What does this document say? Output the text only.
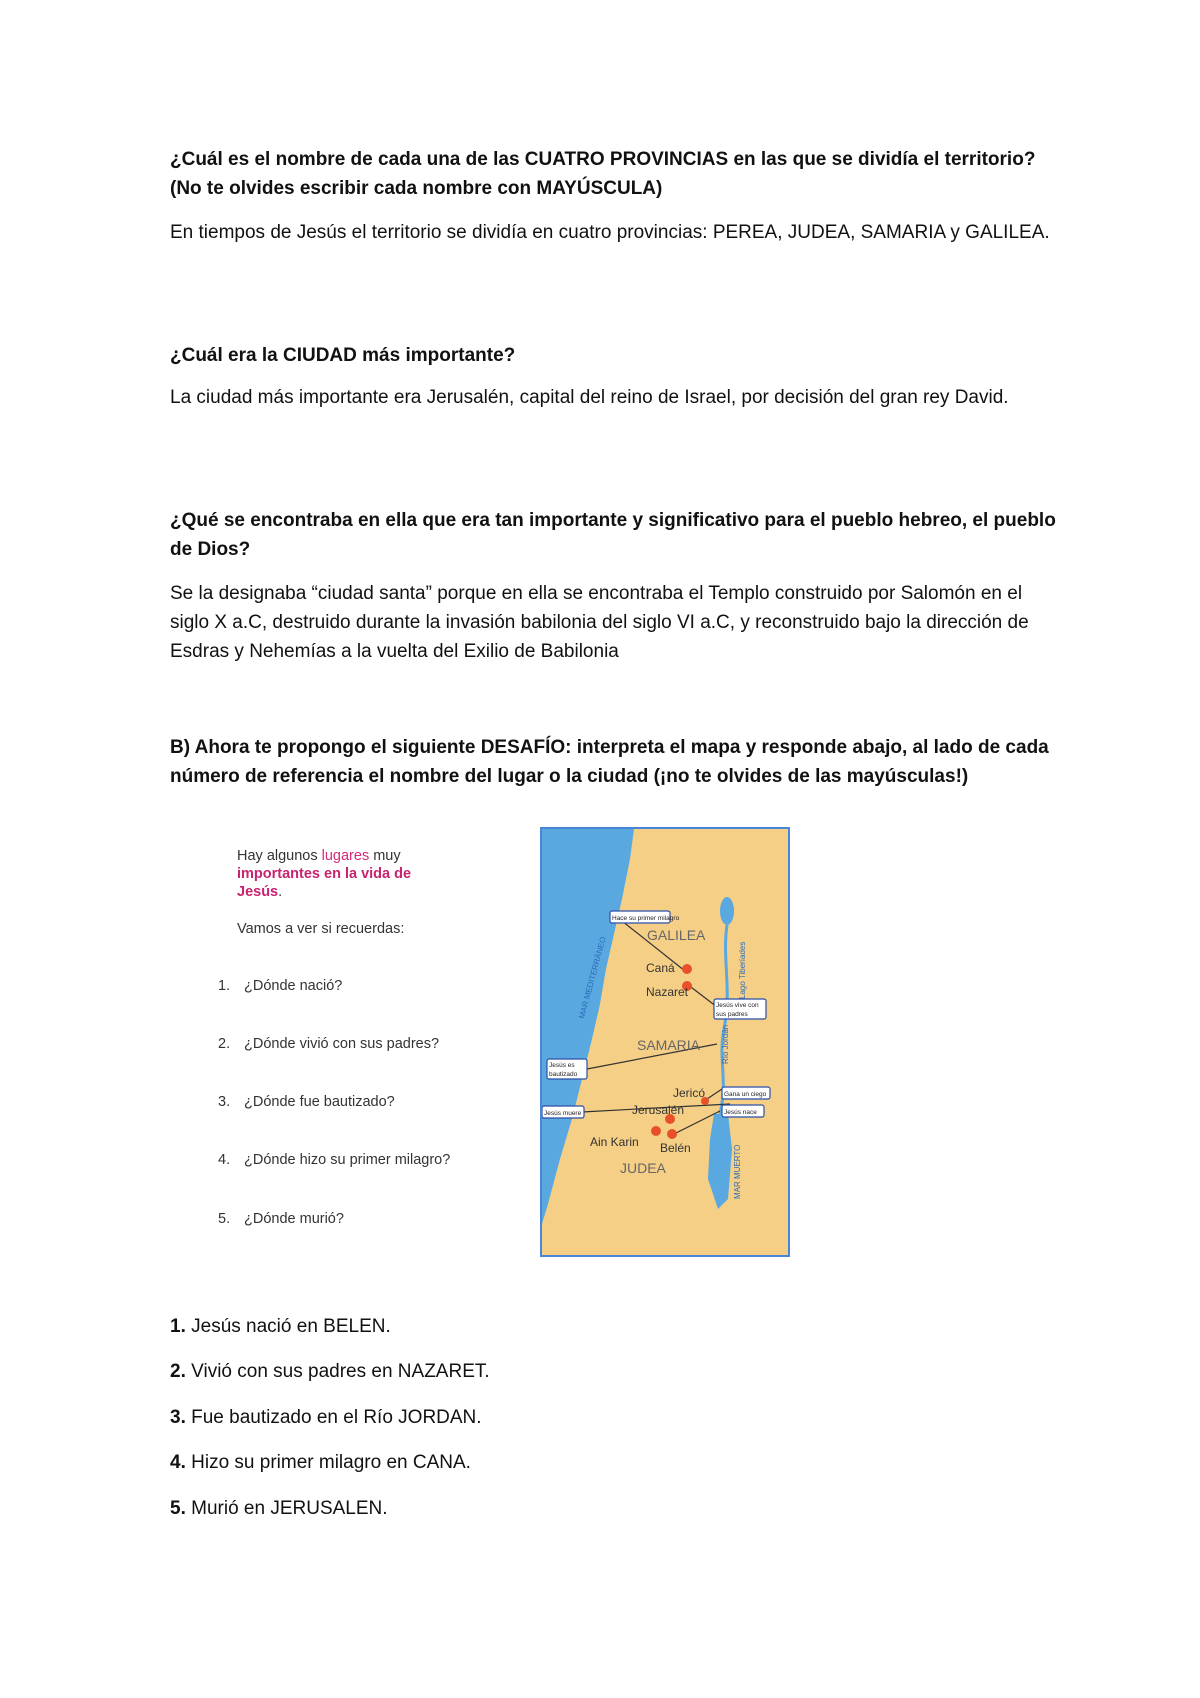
¿Cuál es el nombre de cada una de las CUATRO PROVINCIAS en las que se dividía el territorio? (No te olvides escribir cada nombre con MAYÚSCULA)
En tiempos de Jesús el territorio se dividía en cuatro provincias: PEREA, JUDEA, SAMARIA y GALILEA.
¿Cuál era la CIUDAD más importante?
La ciudad más importante era Jerusalén, capital del reino de Israel, por decisión del gran rey David.
¿Qué se encontraba en ella que era tan importante y significativo para el pueblo hebreo, el pueblo de Dios?
Se la designaba “ciudad santa” porque en ella se encontraba el Templo construido por Salomón en el siglo X a.C, destruido durante la invasión babilonia del siglo VI a.C, y reconstruido bajo la dirección de Esdras y Nehemías a la vuelta del Exilio de Babilonia
B) Ahora te propongo el siguiente DESAFÍO: interpreta el mapa y responde abajo, al lado de cada número de referencia el nombre del lugar o la ciudad (¡no te olvides de las mayúsculas!)
1. Jesús nació en BELEN.
2. Vivió con sus padres en NAZARET.
3. Fue bautizado en el Río JORDAN.
4. Hizo su primer milagro en CANA.
5. Murió en JERUSALEN.
Hay algunos lugares muy
importantes en la vida de
Jesús.
Vamos a ver si recuerdas:
1. ¿Dónde nació?
2. ¿Dónde vivió con sus padres?
3. ¿Dónde fue bautizado?
4. ¿Dónde hizo su primer milagro?
5. ¿Dónde murió?
Hace su primer milagro
Jesús vive con
sus padres
Jesús es
bautizado
Jesús muere
Gana un ciego
Jesús nace
GALILEA
SAMARIA
JUDEA
Caná
Nazaret
Jericó
Jerusalén
Ain Karin Belén
MAR MEDITERRÁNEO	Lago Tiberíades
Río Jordán
MAR MUERTO
